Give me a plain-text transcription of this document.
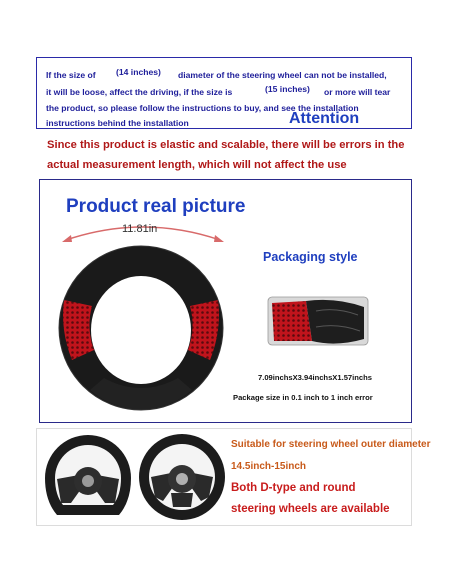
If the size of (14 inches) diameter of the steering wheel can not be installed,
it will be loose, affect the driving, if the size is	(15 inches) or more will tear
the product, so please follow the instructions to buy, and see the installation
instructions behind the installation	Attention
Since this product is elastic and scalable, there will be errors in the
actual measurement length, which will not affect the use
Product real picture
11.81in
Packaging style
7.09inchsX3.94inchsX1.57inchs
Package size in 0.1 inch to 1 inch error
Suitable for steering wheel outer diameter
14.5inch-15inch
Both D-type and round
steering wheels are available
